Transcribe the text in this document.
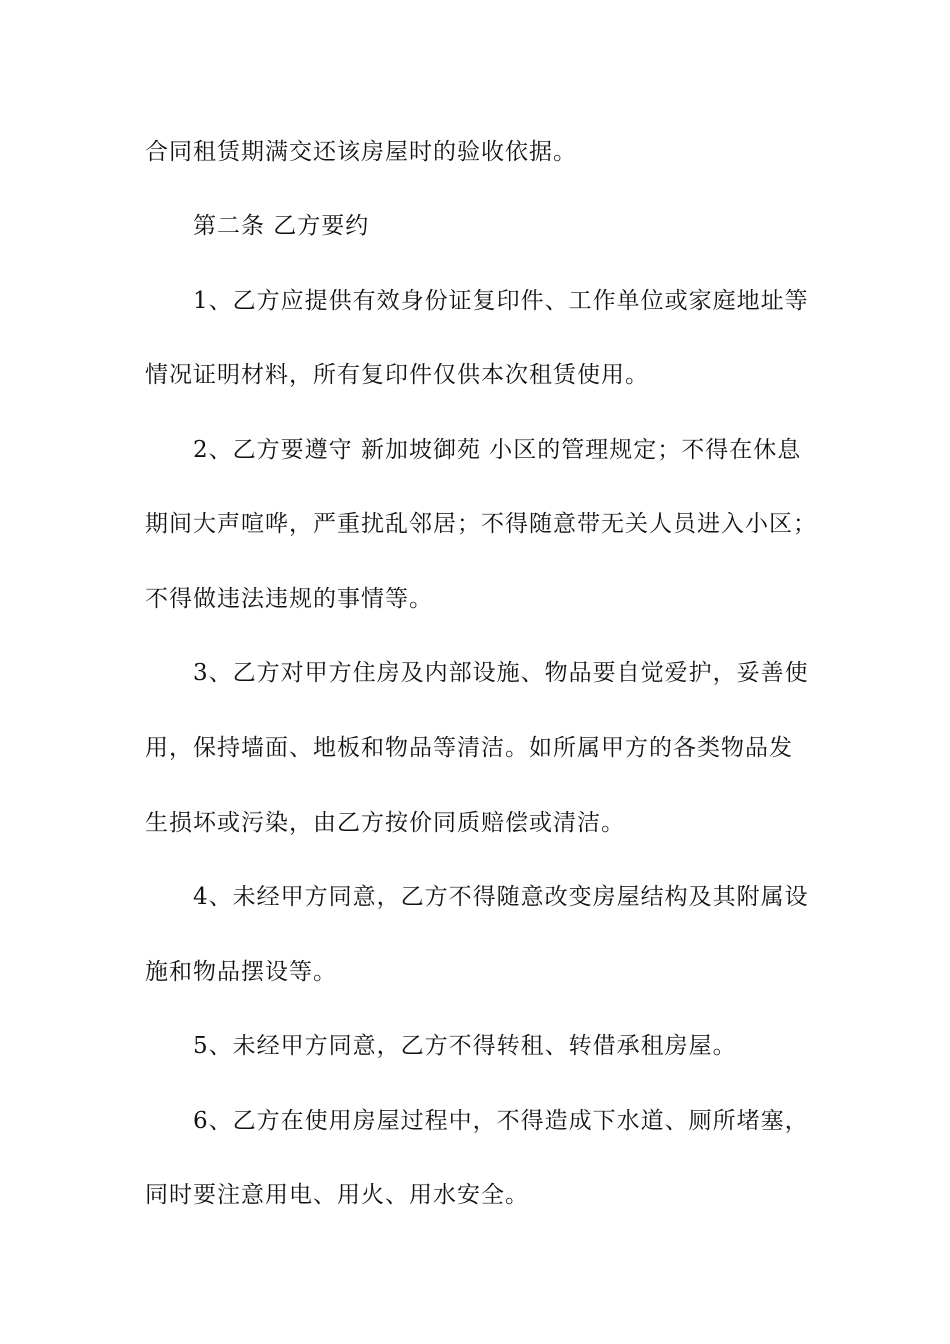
合同租赁期满交还该房屋时的验收依据。
第二条 乙方要约
1、乙方应提供有效身份证复印件、工作单位或家庭地址等
情况证明材料，所有复印件仅供本次租赁使用。
2、乙方要遵守 新加坡御苑 小区的管理规定；不得在休息
期间大声喧哗，严重扰乱邻居；不得随意带无关人员进入小区；
不得做违法违规的事情等。
3、乙方对甲方住房及内部设施、物品要自觉爱护，妥善使
用，保持墙面、地板和物品等清洁。如所属甲方的各类物品发
生损坏或污染，由乙方按价同质赔偿或清洁。
4、未经甲方同意，乙方不得随意改变房屋结构及其附属设
施和物品摆设等。
5、未经甲方同意，乙方不得转租、转借承租房屋。
6、乙方在使用房屋过程中，不得造成下水道、厕所堵塞，
同时要注意用电、用火、用水安全。
